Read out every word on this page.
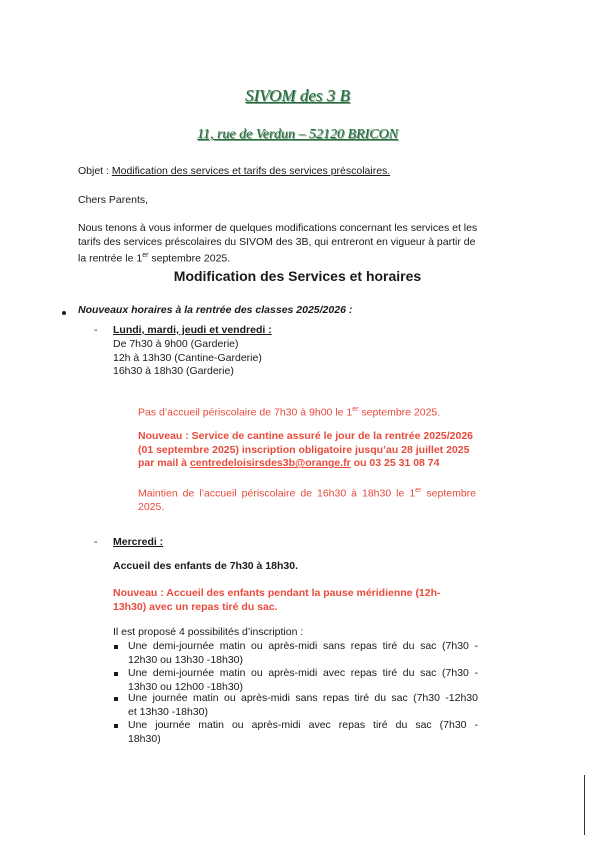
SIVOM des 3 B
11, rue de Verdun – 52120 BRICON
Objet : Modification des services et tarifs des services préscolaires.
Chers Parents,
Nous tenons à vous informer de quelques modifications concernant les services et les
tarifs des services préscolaires du SIVOM des 3B, qui entreront en vigueur à partir de
la rentrée le 1er septembre 2025.
Modification des Services et horaires
Nouveaux horaires à la rentrée des classes 2025/2026 :
- Lundi, mardi, jeudi et vendredi :
De 7h30 à 9h00 (Garderie)
12h à 13h30 (Cantine-Garderie)
16h30 à 18h30 (Garderie)
Pas d’accueil périscolaire de 7h30 à 9h00 le 1er septembre 2025.
Nouveau : Service de cantine assuré le jour de la rentrée 2025/2026
(01 septembre 2025) inscription obligatoire jusqu’au 28 juillet 2025
par mail à centredeloisirsdes3b@orange.fr ou 03 25 31 08 74
Maintien de l’accueil périscolaire de 16h30 à 18h30 le 1er septembre
2025.
- Mercredi :
Accueil des enfants de 7h30 à 18h30.
Nouveau : Accueil des enfants pendant la pause méridienne (12h-
13h30) avec un repas tiré du sac.
Il est proposé 4 possibilités d’inscription :
Une demi-journée matin ou après-midi sans repas tiré du sac (7h30 -
12h30 ou 13h30 -18h30)
Une demi-journée matin ou après-midi avec repas tiré du sac (7h30 -
13h30 ou 12h00 -18h30)
Une journée matin ou après-midi sans repas tiré du sac (7h30 -12h30
et 13h30 -18h30)
Une journée matin ou après-midi avec repas tiré du sac (7h30 -
18h30)
